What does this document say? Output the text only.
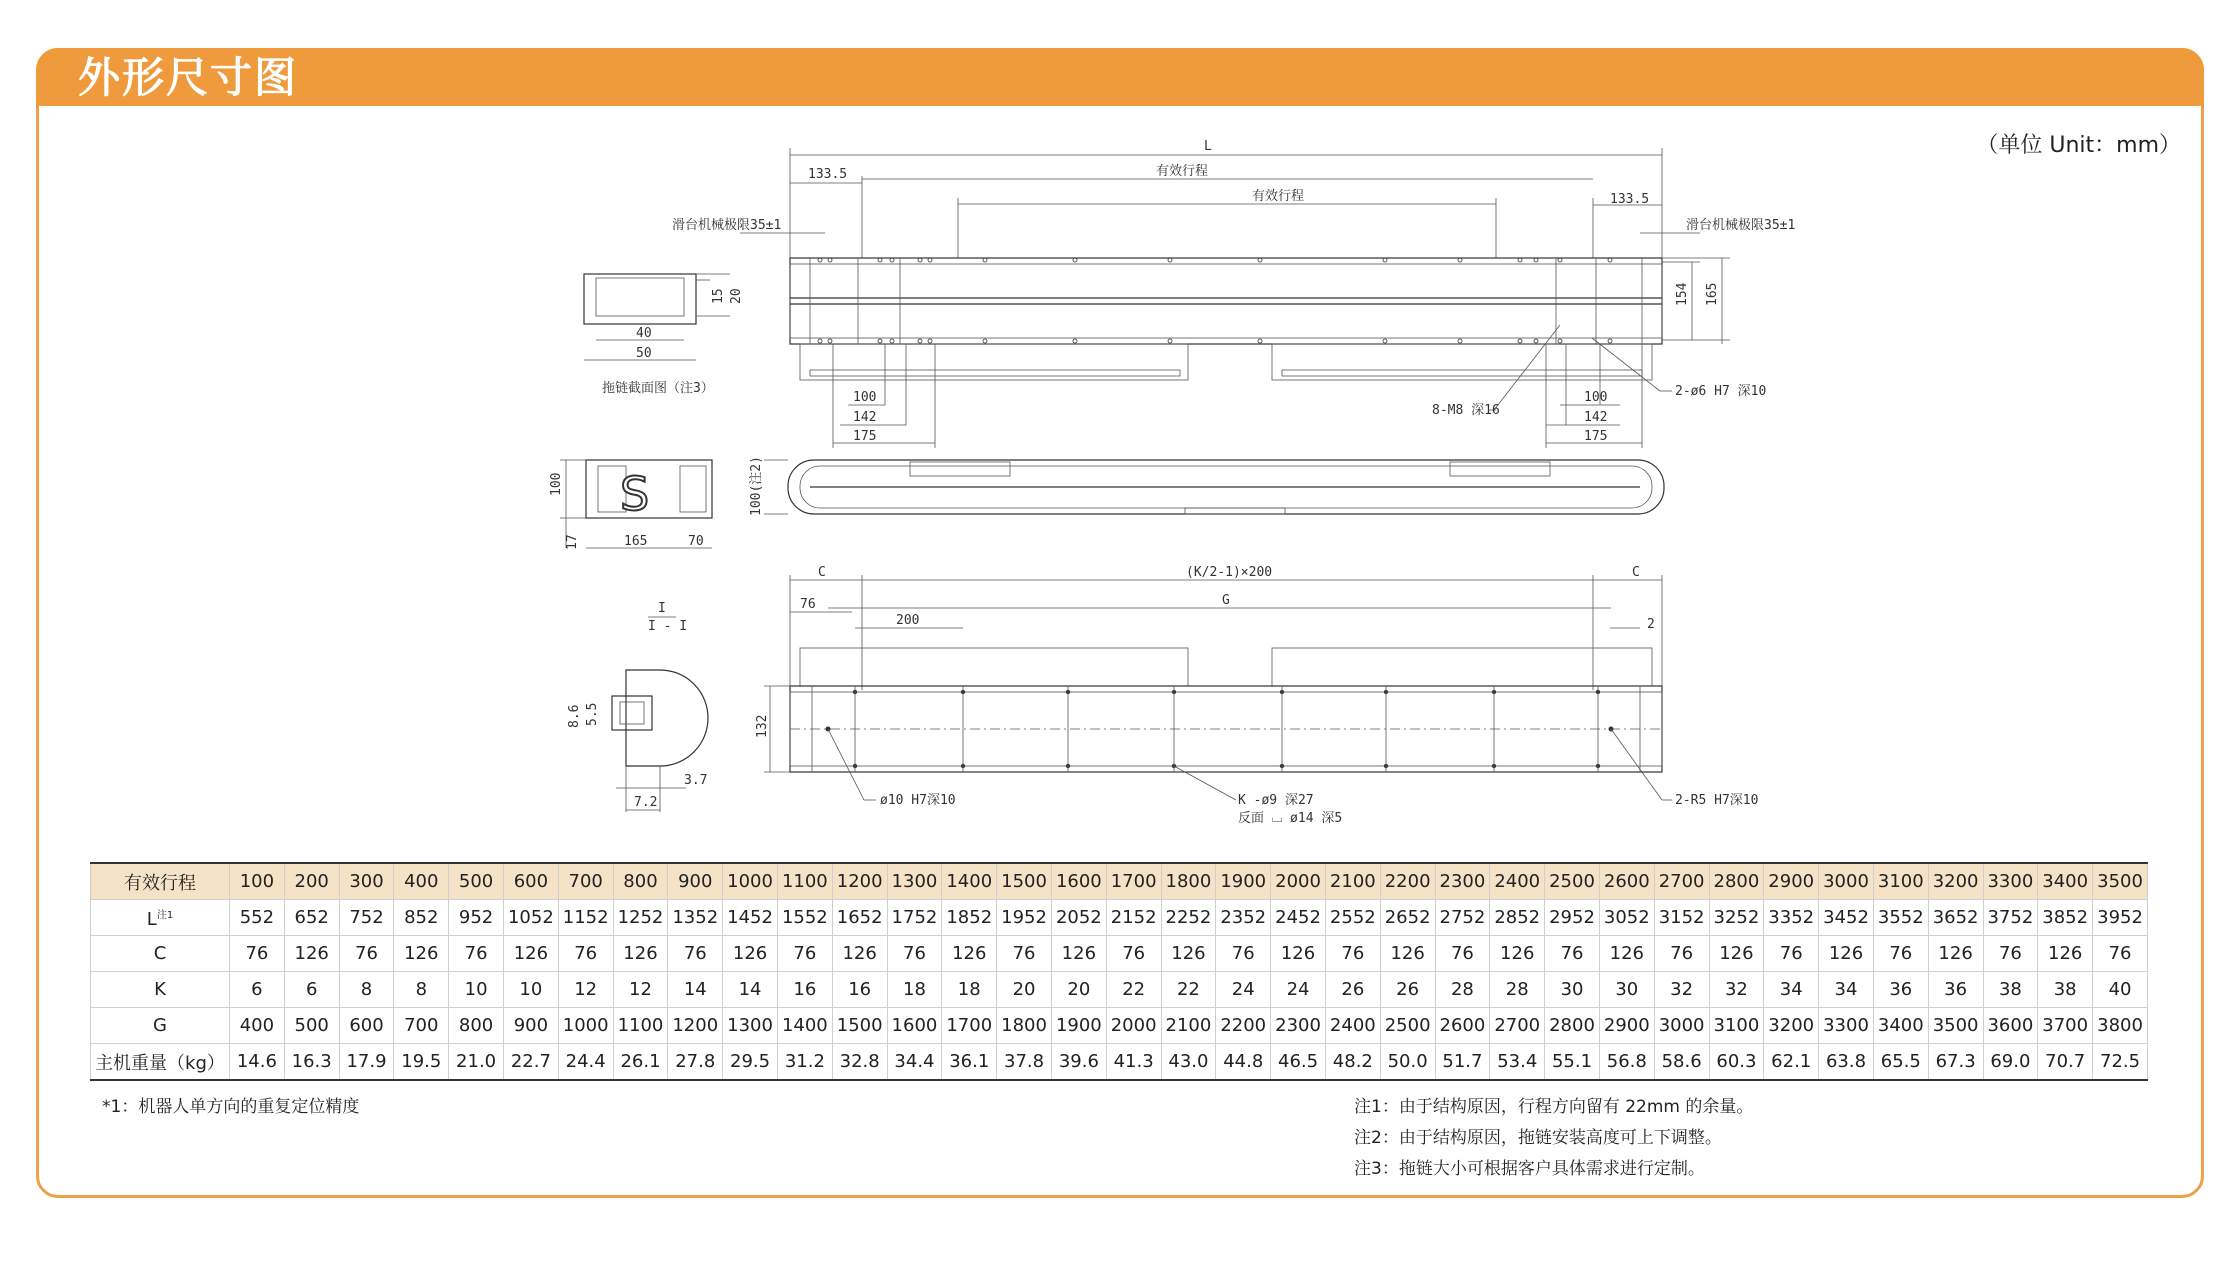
外形尺寸图
（单位 Unit：mm）
L
133.5	有效行程
有效行程	133.5
滑台机械极限35±1	滑台机械极限35±1
154 165
100
142
175
100
142
175
8-M8 深16
2-ø6 H7 深10
15 20
40
50
拖链截面图（注3）
S
100
17	165	70
100(注2)
C	(K/2-1)×200	C
G
76
200	2
132
ø10 H7深10	K -ø9 深27
反面 ⌴ ø14 深5
2-R5 H7深10
I
I - I
8.6 5.5
3.7
7.2
有效行程	100	200	300	400	500	600	700	800	900	1000	1100	1200	1300	1400	1500	1600	1700	1800	1900	2000	2100	2200	2300	2400	2500	2600	2700	2800	2900	3000	3100	3200	3300	3400	3500
$L^{注1}$	552	652	752	852	952	1052	1152	1252	1352	1452	1552	1652	1752	1852	1952	2052	2152	2252	2352	2452	2552	2652	2752	2852	2952	3052	3152	3252	3352	3452	3552	3652	3752	3852	3952
C	76	126	76	126	76	126	76	126	76	126	76	126	76	126	76	126	76	126	76	126	76	126	76	126	76	126	76	126	76	126	76	126	76	126	76
K	6	6	8	8	10	10	12	12	14	14	16	16	18	18	20	20	22	22	24	24	26	26	28	28	30	30	32	32	34	34	36	36	38	38	40
G	400	500	600	700	800	900	1000	1100	1200	1300	1400	1500	1600	1700	1800	1900	2000	2100	2200	2300	2400	2500	2600	2700	2800	2900	3000	3100	3200	3300	3400	3500	3600	3700	3800
主机重量（kg）	14.6	16.3	17.9	19.5	21.0	22.7	24.4	26.1	27.8	29.5	31.2	32.8	34.4	36.1	37.8	39.6	41.3	43.0	44.8	46.5	48.2	50.0	51.7	53.4	55.1	56.8	58.6	60.3	62.1	63.8	65.5	67.3	69.0	70.7	72.5
*1：机器人单方向的重复定位精度	注1：由于结构原因，行程方向留有 22mm 的余量。
注2：由于结构原因，拖链安装高度可上下调整。
注3：拖链大小可根据客户具体需求进行定制。
